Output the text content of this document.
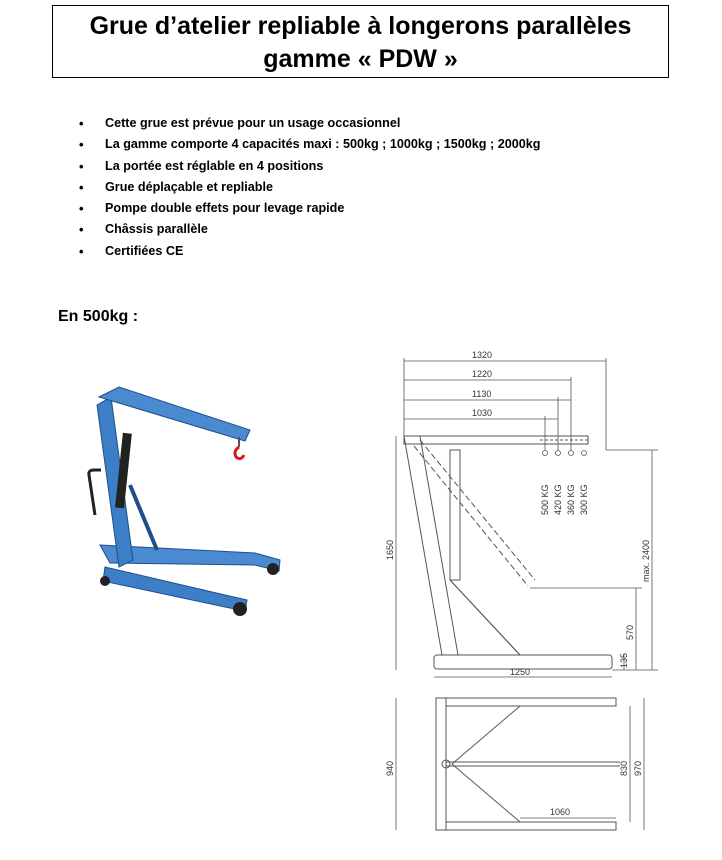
Grue d’atelier repliable à longerons parallèles
gamme « PDW »
• Cette grue est prévue pour un usage occasionnel
• La gamme comporte 4 capacités maxi : 500kg ; 1000kg ; 1500kg ; 2000kg
• La portée est réglable en 4 positions
• Grue déplaçable et repliable
• Pompe double effets pour levage rapide
• Châssis parallèle
• Certifiées CE
En 500kg :
1320
1220
1130
1030
500 KG 420 KG 360 KG 300 KG
1650	max. 2400
570
135
1250
940	830 970
1060
